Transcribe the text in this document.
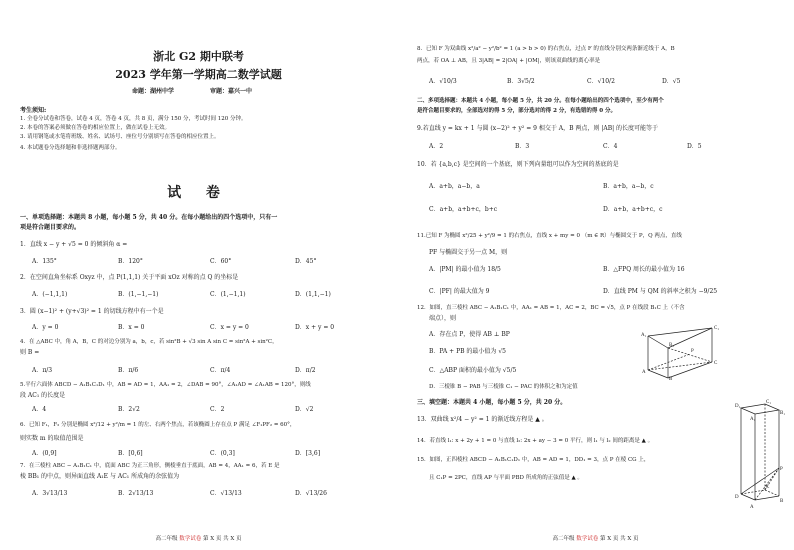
浙北 G2 期中联考
2023 学年第一学期高二数学试题
命题：湖州中学	审题：嘉兴一中
考生须知:
1. 全卷分试卷和答卷，试卷 4 页，答卷 4 页，共 8 页，满分 150 分，考试时间 120 分钟。
2. 本卷的答案必须做在答卷的相应位置上，做在试卷上无效。
3. 请用钢笔或水笔将班级、姓名、试场号、座位号分别填写在答卷的相应位置上。
4. 本试题卷分选择题和非选择题两部分。
试 卷
一、单项选择题：本题共 8 小题，每小题 5 分，共 40 分。在每小题给出的四个选项中，只有一
项是符合题目要求的。
1．直线 x − y + √5 = 0 的倾斜角 α =
A．135°	B．120°	C．60°	D．45°
2．在空间直角坐标系 Oxyz 中，点 P(1,1,1) 关于平面 xOz 对称的点 Q 的坐标是
A．(−1,1,1)	B．(1,−1,−1)	C．(1,−1,1)	D．(1,1,−1)
3．圆 (x−1)² + (y+√3)² = 1 的切线方程中有一个是
A．y = 0	B．x = 0	C．x = y = 0	D．x + y = 0
4．在 △ABC 中，角 A，B，C 的对边分别为 a，b，c，若 sin²B + √3 sin A sin C = sin²A + sin²C，
则 B =
A．π/3	B．π/6	C．π/4	D．π/2
5.平行六面体 ABCD − A₁B₁C₁D₁ 中，AB = AD = 1，AA₁ = 2，∠DAB = 90°，∠A₁AD = ∠A₁AB = 120°，则线
段 AC₁ 的长度是
A．4	B．2√2	C．2	D．√2
6．已知 F₁，F₂ 分别是椭圆 x²/12 + y²/m = 1 的左、右两个焦点，若该椭圆上存在点 P 满足 ∠F₁PF₂ = 60°，
则实数 m 的取值范围是
A．(0,9]	B．[0,6]	C．(0,3]	D．[3,6]
7．在三棱柱 ABC − A₁B₁C₁ 中，底面 ABC 为正三角形，侧棱垂直于底面，AB = 4，AA₁ = 6，若 E 是
棱 BB₁ 的中点，则异面直线 A₁E 与 AC₁ 所成角的余弦值为
A．3√13/13	B．2√13/13	C．√13/13	D．√13/26
高二年级 数学试卷 第 X 页 共 X 页
8．已知 F 为双曲线 x²/a² − y²/b² = 1 (a > b > 0) 的右焦点，过点 F 的直线分别交两条渐近线于 A，B
两点，若 OA ⊥ AB，且 3|AB| = 2|OA| + |OM|，则该双曲线的离心率是
A．√10/3	B．3√5/2	C．√10/2	D．√5
二、多项选择题：本题共 4 小题，每小题 5 分，共 20 分。在每小题给出的四个选项中，至少有两个
是符合题目要求的，全部选对的得 5 分，部分选对的得 2 分，有选错的得 0 分。
9.若直线 y = kx + 1 与圆 (x−2)² + y² = 9 相交于 A，B 两点，则 |AB| 的长度可能等于
A．2	B．3	C．4	D．5
10．若 {a,b,c} 是空间的一个基底，则下列向量组可以作为空间的基底的是
A．a+b，a−b，a	B．a+b，a−b，c
C．a+b，a+b+c，b+c	D．a+b，a+b+c，c
11.已知 F 为椭圆 x²/25 + y²/9 = 1 的右焦点，直线 x + my = 0 （m ∈ R）与椭圆交于 P，Q 两点，直线
PF 与椭圆交于另一点 M，则
A．|PM| 的最小值为 18/5	B．△FPQ 周长的最小值为 16
C．|PF| 的最大值为 9	D．直线 PM 与 QM 的斜率之积为 −9/25
12．如图，直三棱柱 ABC − A₁B₁C₁ 中，AA₁ = AB = 1，AC = 2，BC = √5，点 P 在线段 B₁C 上（不含
端点），则
A．存在点 P，使得 AB ⊥ BP
B．PA + PB 的最小值为 √5
C．△ABP 面积的最小值为 √5/5
D．三棱锥 B − PAB 与三棱锥 C₁ − PAC 的体积之和为定值
A₁
B₁
C₁
A
B
C
P
三、填空题：本题共 4 小题，每小题 5 分，共 20 分。
13．双曲线 x²/4 − y² = 1 的渐近线方程是 ▲ 。
14．若直线 l₁: x + 2y + 1 = 0 与直线 l₂: 2x + ay − 3 = 0 平行，则 l₁ 与 l₂ 间的距离是 ▲ 。
15．如图，正四棱柱 ABCD − A₁B₁C₁D₁ 中，AB = AD = 1，DD₁ = 3，点 P 在棱 CG 上，
且 C₁P = 2PC，直线 AP 与平面 PBD 所成角的正弦值是 ▲ 。
D₁
C₁
A₁
B₁
P
D
C
A
B
高二年级 数学试卷 第 X 页 共 X 页
